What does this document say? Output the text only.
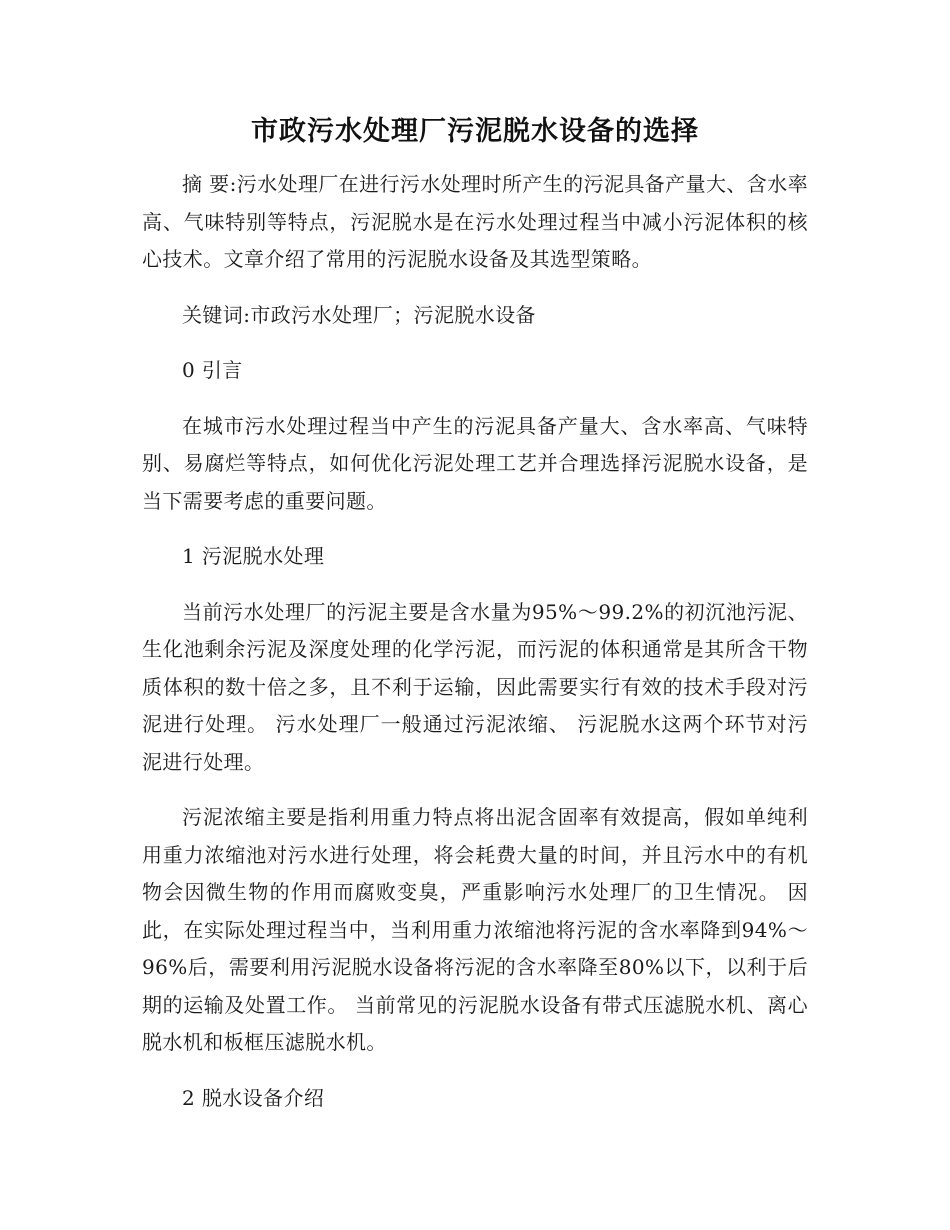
市政污水处理厂污泥脱水设备的选择

摘 要:污水处理厂在进行污水处理时所产生的污泥具备产量大、含水率高、气味特别等特点，污泥脱水是在污水处理过程当中减小污泥体积的核心技术。文章介绍了常用的污泥脱水设备及其选型策略。

关键词:市政污水处理厂；污泥脱水设备

0 引言

在城市污水处理过程当中产生的污泥具备产量大、含水率高、气味特别、易腐烂等特点，如何优化污泥处理工艺并合理选择污泥脱水设备，是当下需要考虑的重要问题。

1 污泥脱水处理

当前污水处理厂的污泥主要是含水量为95%～99.2%的初沉池污泥、生化池剩余污泥及深度处理的化学污泥，而污泥的体积通常是其所含干物质体积的数十倍之多，且不利于运输，因此需要实行有效的技术手段对污泥进行处理。 污水处理厂一般通过污泥浓缩、 污泥脱水这两个环节对污泥进行处理。

污泥浓缩主要是指利用重力特点将出泥含固率有效提高，假如单纯利用重力浓缩池对污水进行处理，将会耗费大量的时间，并且污水中的有机物会因微生物的作用而腐败变臭，严重影响污水处理厂的卫生情况。 因此，在实际处理过程当中，当利用重力浓缩池将污泥的含水率降到94%～96%后，需要利用污泥脱水设备将污泥的含水率降至80%以下，以利于后期的运输及处置工作。 当前常见的污泥脱水设备有带式压滤脱水机、离心脱水机和板框压滤脱水机。

2 脱水设备介绍
